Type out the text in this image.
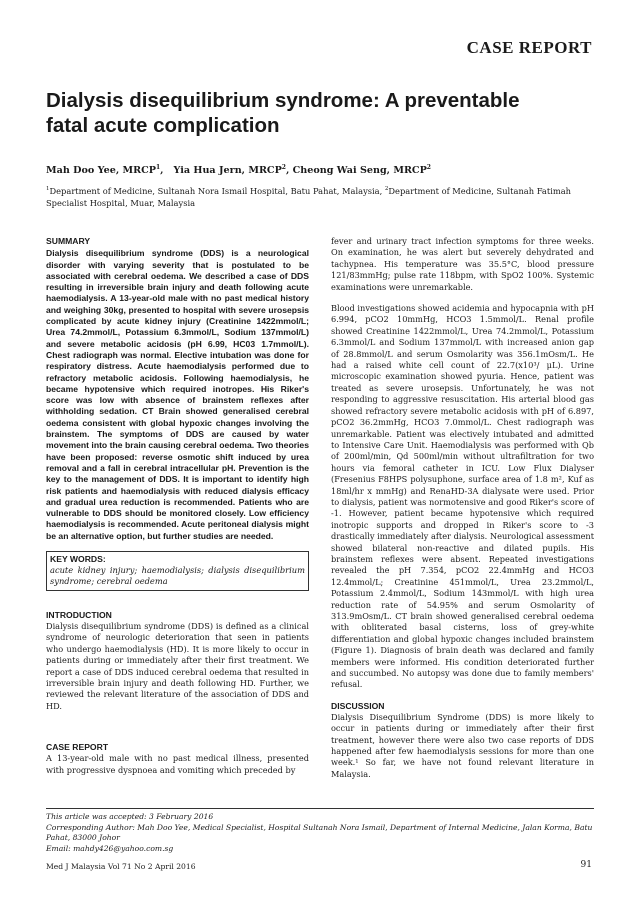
CASE REPORT
Dialysis disequilibrium syndrome: A preventable fatal acute complication
Mah Doo Yee, MRCP$^1$,   Yia Hua Jern, MRCP$^2$, Cheong Wai Seng, MRCP$^2$
$^1$Department of Medicine, Sultanah Nora Ismail Hospital, Batu Pahat, Malaysia, $^2$Department of Medicine, Sultanah Fatimah Specialist Hospital, Muar, Malaysia
SUMMARY
Dialysis disequilibrium syndrome (DDS) is a neurological disorder with varying severity that is postulated to be associated with cerebral oedema. We described a case of DDS resulting in irreversible brain injury and death following acute haemodialysis. A 13-year-old male with no past medical history and weighing 30kg, presented to hospital with severe urosepsis complicated by acute kidney injury (Creatinine 1422mmol/L; Urea 74.2mmol/L, Potassium 6.3mmol/L, Sodium 137mmol/L) and severe metabolic acidosis (pH 6.99, HC03 1.7mmol/L). Chest radiograph was normal. Elective intubation was done for respiratory distress. Acute haemodialysis performed due to refractory metabolic acidosis. Following haemodialysis, he became hypotensive which required inotropes. His Riker's score was low with absence of brainstem reflexes after withholding sedation. CT Brain showed generalised cerebral oedema consistent with global hypoxic changes involving the brainstem. The symptoms of DDS are caused by water movement into the brain causing cerebral oedema. Two theories have been proposed: reverse osmotic shift induced by urea removal and a fall in cerebral intracellular pH. Prevention is the key to the management of DDS. It is important to identify high risk patients and haemodialysis with reduced dialysis efficacy and gradual urea reduction is recommended. Patients who are vulnerable to DDS should be monitored closely. Low efficiency haemodialysis is recommended. Acute peritoneal dialysis might be an alternative option, but further studies are needed.
KEY WORDS:
acute kidney injury; haemodialysis; dialysis disequilibrium syndrome; cerebral oedema
INTRODUCTION

Dialysis disequilibrium syndrome (DDS) is defined as a clinical syndrome of neurologic deterioration that seen in patients who undergo haemodialysis (HD). It is more likely to occur in patients during or immediately after their first treatment. We report a case of DDS induced cerebral oedema that resulted in irreversible brain injury and death following HD. Further, we reviewed the relevant literature of the association of DDS and HD.

CASE REPORT

A 13-year-old male with no past medical illness, presented with progressive dyspnoea and vomiting which preceded by

fever and urinary tract infection symptoms for three weeks. On examination, he was alert but severely dehydrated and tachypnea. His temperature was 35.5°C, blood pressure 121/83mmHg; pulse rate 118bpm, with SpO2 100%. Systemic examinations were unremarkable.

Blood investigations showed acidemia and hypocapnia with pH 6.994, pCO2 10mmHg, HCO3 1.5mmol/L. Renal profile showed Creatinine 1422mmol/L, Urea 74.2mmol/L, Potassium 6.3mmol/L and Sodium 137mmol/L with increased anion gap of 28.8mmol/L and serum Osmolarity was 356.1mOsm/L. He had a raised white cell count of 22.7(x10³/ μL). Urine microscopic examination showed pyuria. Hence, patient was treated as severe urosepsis. Unfortunately, he was not responding to aggressive resuscitation. His arterial blood gas showed refractory severe metabolic acidosis with pH of 6.897, pCO2 36.2mmHg, HCO3 7.0mmol/L. Chest radiograph was unremarkable. Patient was electively intubated and admitted to Intensive Care Unit. Haemodialysis was performed with Qb of 200ml/min, Qd 500ml/min without ultrafiltration for two hours via femoral catheter in ICU. Low Flux Dialyser (Fresenius F8HPS polysuphone, surface area of 1.8 m², Kuf as 18ml/hr x mmHg) and RenaHD-3A dialysate were used. Prior to dialysis, patient was normotensive and good Riker's score of -1. However, patient became hypotensive which required inotropic supports and dropped in Riker's score to -3 drastically immediately after dialysis. Neurological assessment showed bilateral non-reactive and dilated pupils. His brainstem reflexes were absent. Repeated investigations revealed the pH 7.354, pCO2 22.4mmHg and HCO3 12.4mmol/L; Creatinine 451mmol/L, Urea 23.2mmol/L, Potassium 2.4mmol/L, Sodium 143mmol/L with high urea reduction rate of 54.95% and serum Osmolarity of 313.9mOsm/L. CT brain showed generalised cerebral oedema with obliterated basal cisterns, loss of grey-white differentiation and global hypoxic changes included brainstem (Figure 1). Diagnosis of brain death was declared and family members were informed. His condition deteriorated further and succumbed. No autopsy was done due to family members' refusal.

DISCUSSION

Dialysis Disequilibrium Syndrome (DDS) is more likely to occur in patients during or immediately after their first treatment, however there were also two case reports of DDS happened after few haemodialysis sessions for more than one week.¹ So far, we have not found relevant literature in Malaysia.

This article was accepted: 3 February 2016
Corresponding Author: Mah Doo Yee, Medical Specialist, Hospital Sultanah Nora Ismail, Department of Internal Medicine, Jalan Korma, Batu Pahat, 83000 Johor
Email: mahdy426@yahoo.com.sg
Med J Malaysia Vol 71 No 2 April 2016	91
